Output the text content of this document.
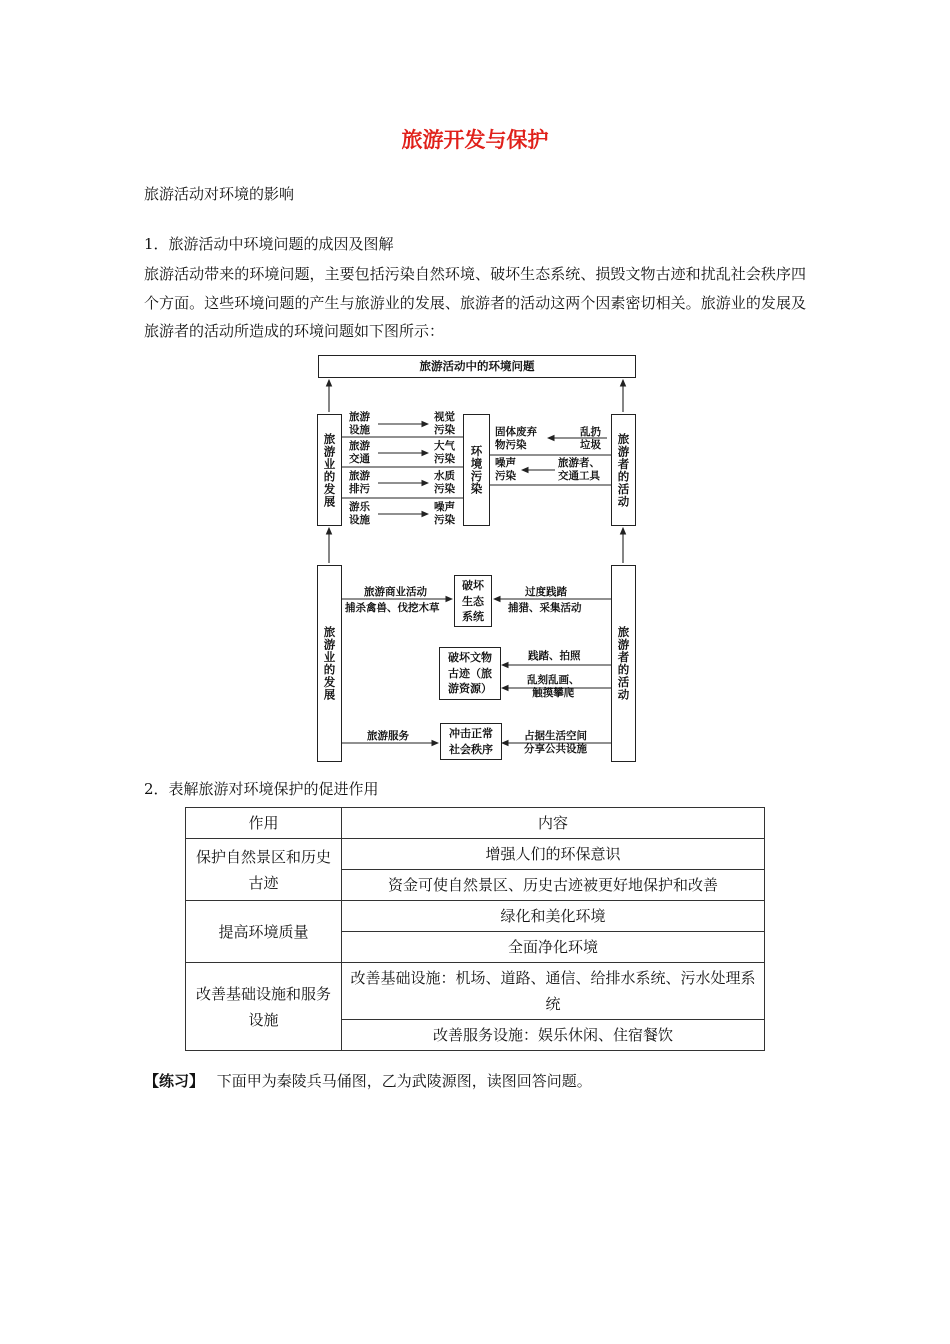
旅游开发与保护
旅游活动对环境的影响
1．旅游活动中环境问题的成因及图解
旅游活动带来的环境问题，主要包括污染自然环境、破坏生态系统、损毁文物古迹和扰乱社会秩序四个方面。这些环境问题的产生与旅游业的发展、旅游者的活动这两个因素密切相关。旅游业的发展及旅游者的活动所造成的环境问题如下图所示：
旅游活动中的环境问题
旅游业的发展	旅游者的活动
环境污染
旅游
设施
视觉
污染
旅游
交通
大气
污染
旅游
排污
水质
污染
游乐
设施
噪声
污染
乱扔
垃圾
固体废弃
物污染
旅游者、
交通工具
噪声
污染
旅游业的发展	旅游者的活动
破坏
生态
系统
旅游商业活动
捕杀禽兽、伐挖木草
过度践踏
捕猎、采集活动
破坏文物
古迹（旅
游资源）
践踏、拍照
乱刻乱画、
触摸攀爬
冲击正常
社会秩序
旅游服务	占据生活空间
分享公共设施
2．表解旅游对环境保护的促进作用
作用	内容
保护自然景区和历史古迹	增强人们的环保意识
	资金可使自然景区、历史古迹被更好地保护和改善
提高环境质量	绿化和美化环境
	全面净化环境
改善基础设施和服务设施	改善基础设施：机场、道路、通信、给排水系统、污水处理系统
	改善服务设施：娱乐休闲、住宿餐饮
【练习】 下面甲为秦陵兵马俑图，乙为武陵源图，读图回答问题。
